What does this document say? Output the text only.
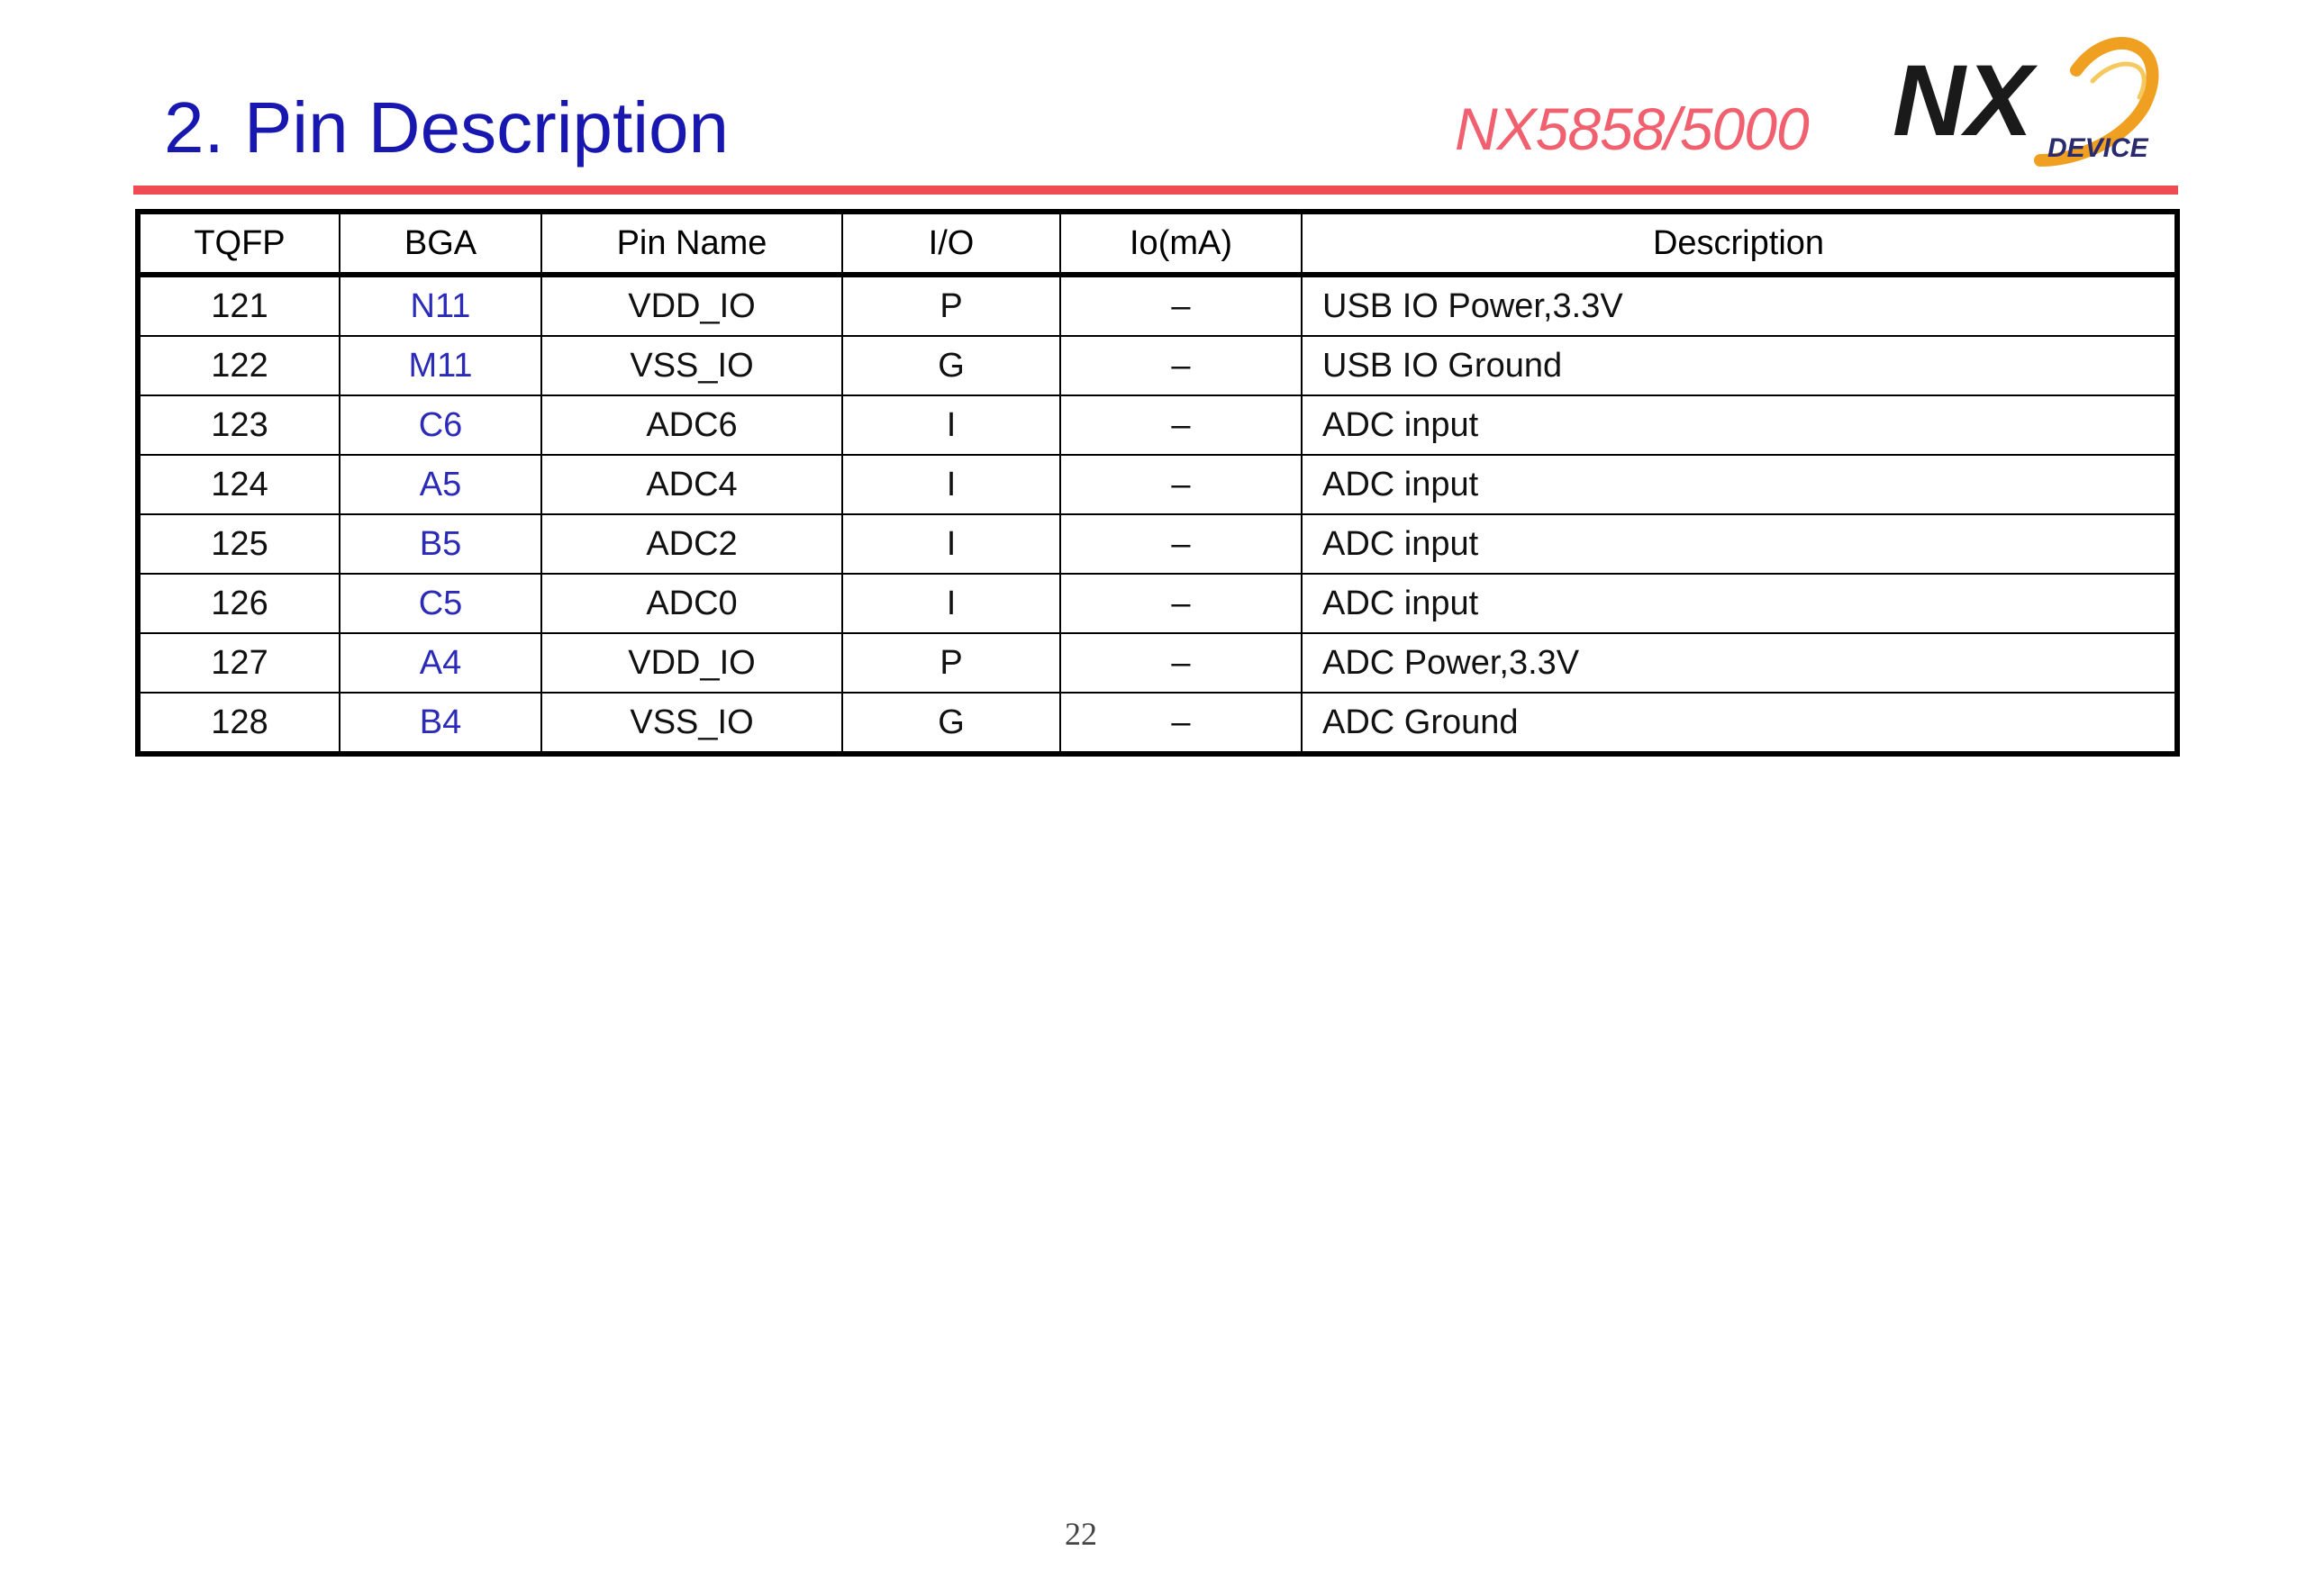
2. Pin Description	NX5858/5000 NX DEVICE
TQFP	BGA	Pin Name	I/O	Io(mA)	Description
121	N11	VDD_IO	P	–	USB IO Power,3.3V
122	M11	VSS_IO	G	–	USB IO Ground
123	C6	ADC6	I	–	ADC input
124	A5	ADC4	I	–	ADC input
125	B5	ADC2	I	–	ADC input
126	C5	ADC0	I	–	ADC input
127	A4	VDD_IO	P	–	ADC Power,3.3V
128	B4	VSS_IO	G	–	ADC Ground
22
